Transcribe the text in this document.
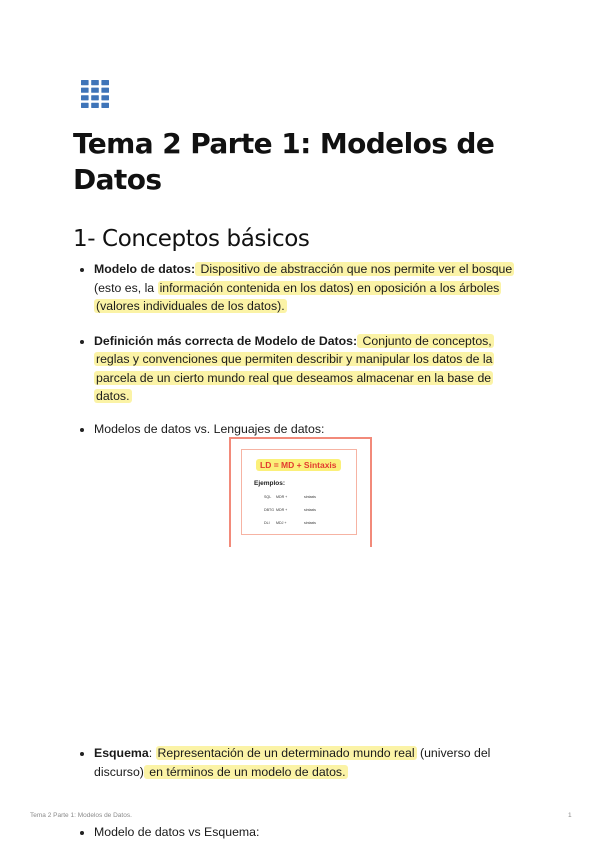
Tema 2 Parte 1: Modelos de Datos
1- Conceptos básicos
Modelo de datos: Dispositivo de abstracción que nos permite ver el bosque (esto es, la información contenida en los datos) en oposición a los árboles (valores individuales de los datos).
Definición más correcta de Modelo de Datos: Conjunto de conceptos, reglas y convenciones que permiten describir y manipular los datos de la parcela de un cierto mundo real que deseamos almacenar en la base de datos.
Modelos de datos vs. Lenguajes de datos:
Esquema: Representación de un determinado mundo real (universo del discurso) en términos de un modelo de datos.
Modelo de datos vs Esquema:
LD = MD + Sintaxis
Ejemplos:
SQL MDR +	sintaxis
DBTG MDR +	sintaxis
DLI MDJ +	sintaxis
Tema 2 Parte 1: Modelos de Datos.	1
